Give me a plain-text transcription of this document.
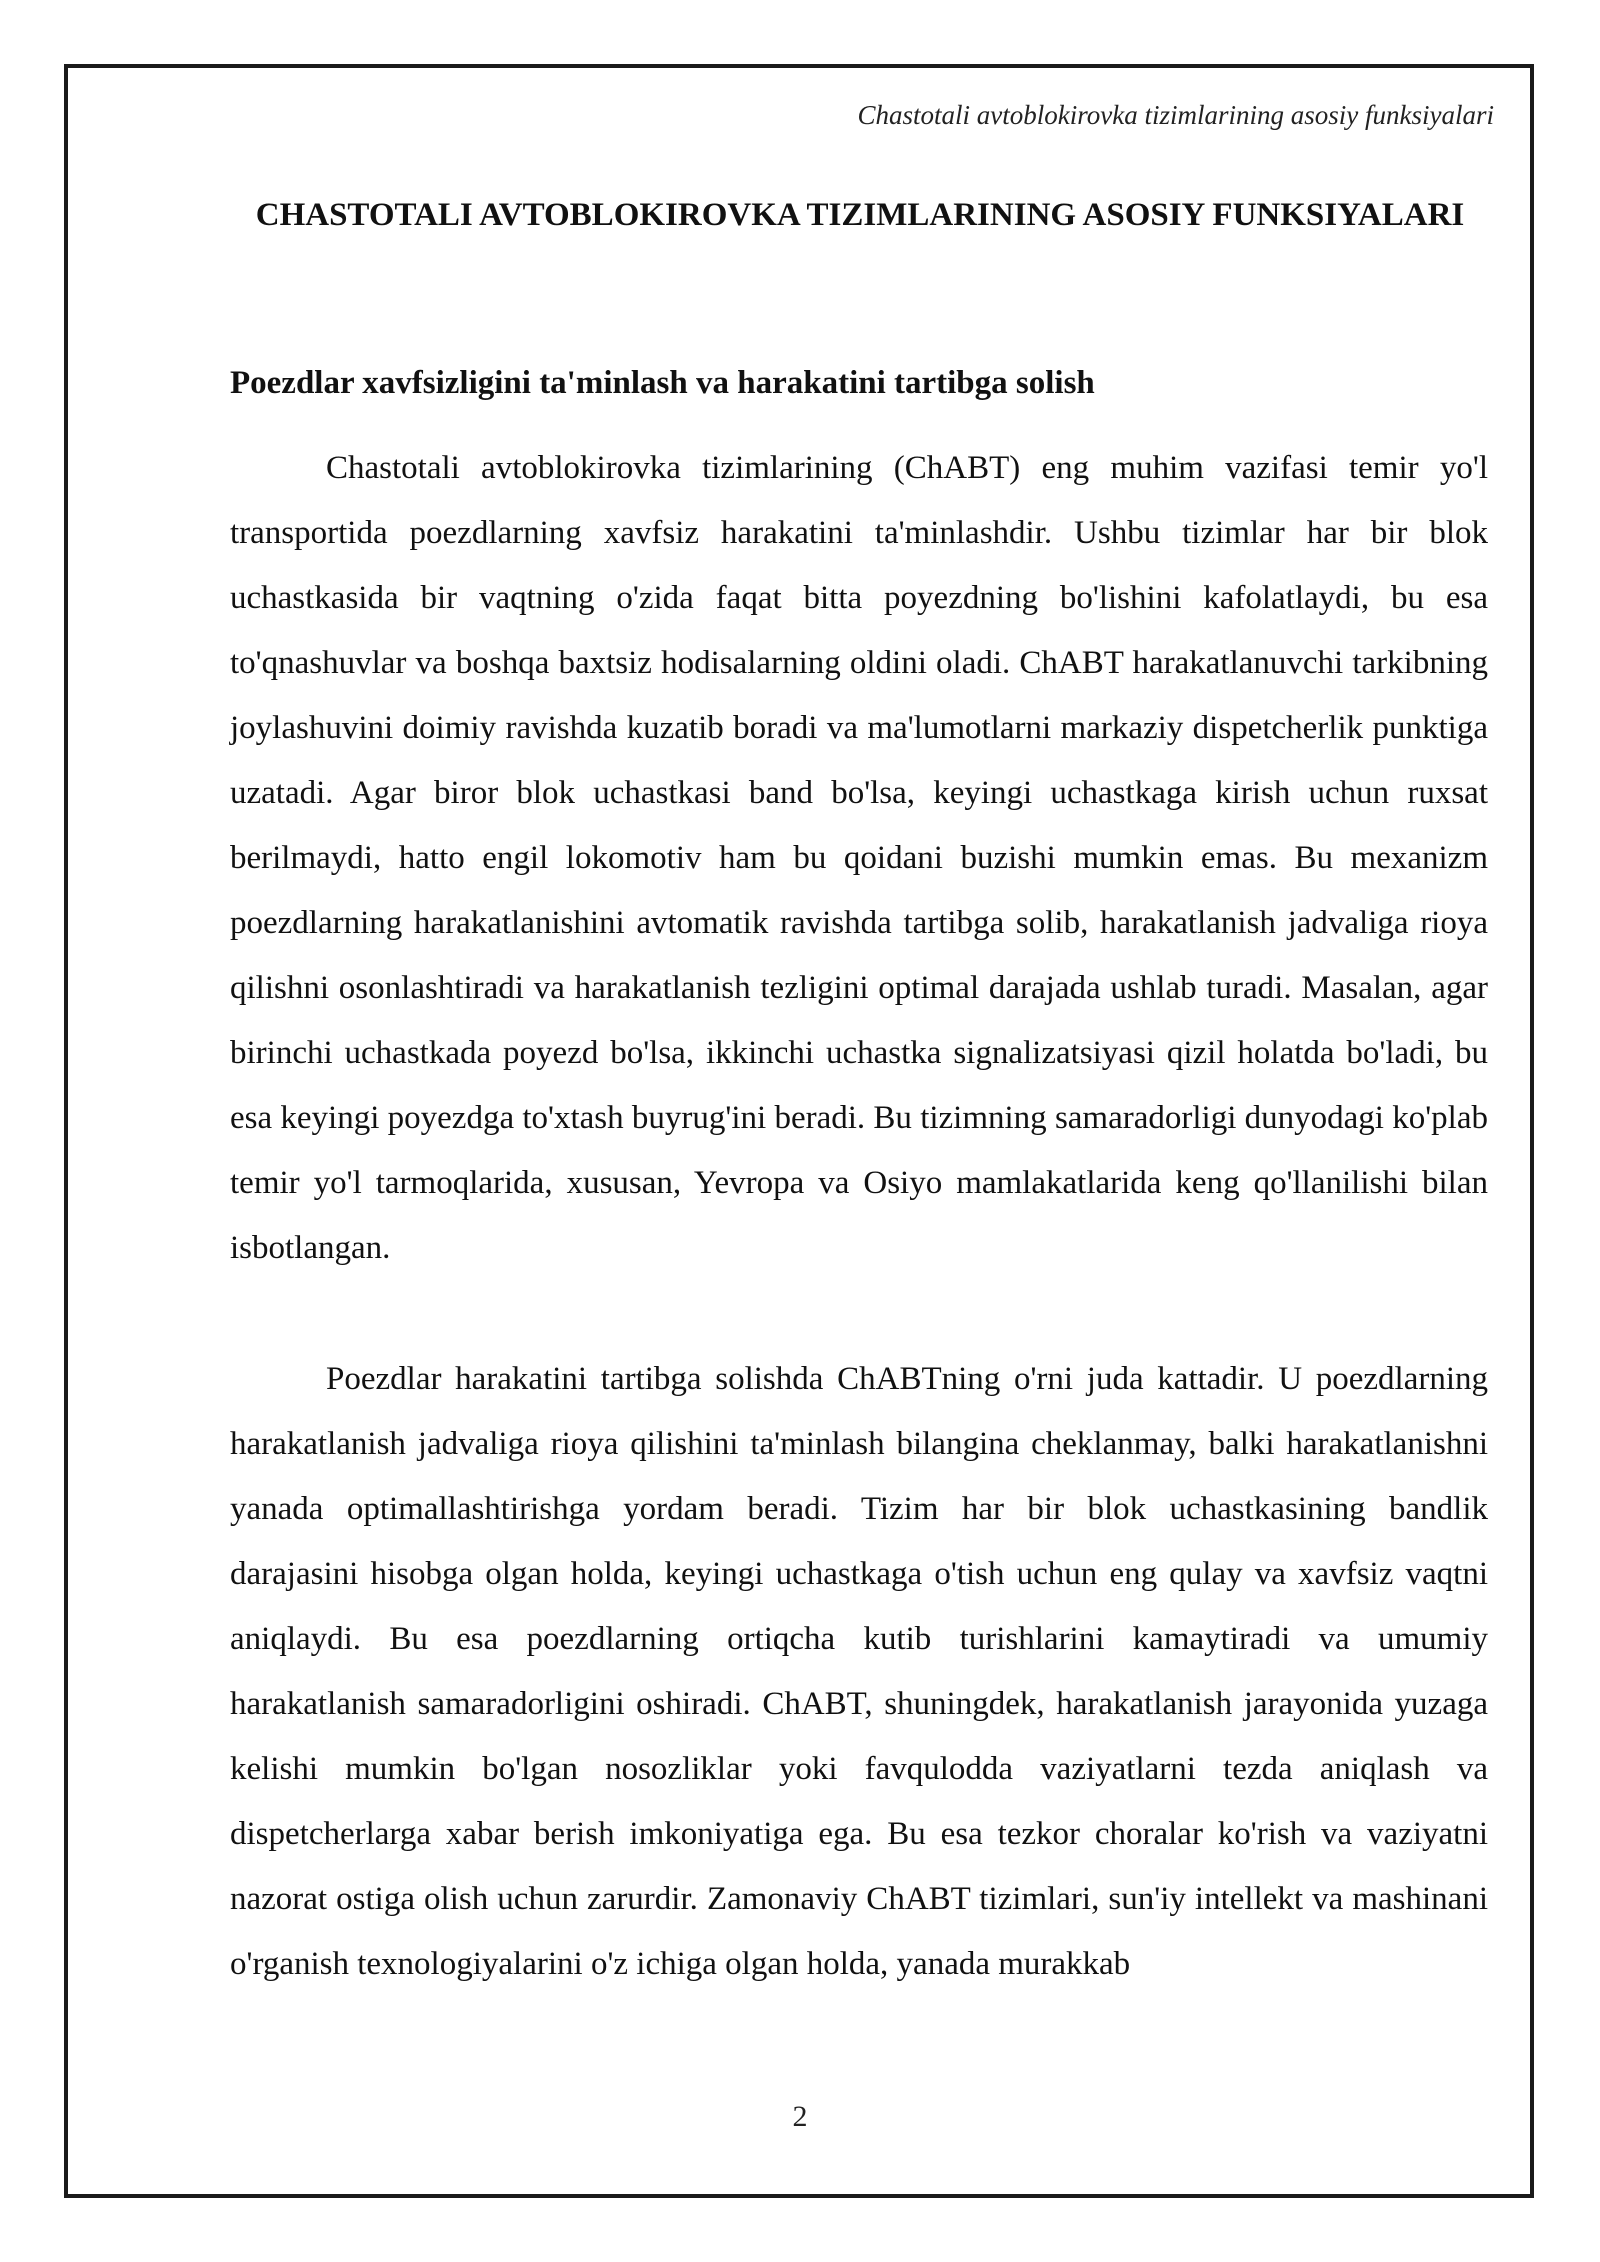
Chastotali avtoblokirovka tizimlarining asosiy funksiyalari
CHASTOTALI AVTOBLOKIROVKA TIZIMLARINING ASOSIY FUNKSIYALARI
Poezdlar xavfsizligini ta'minlash va harakatini tartibga solish

Chastotali avtoblokirovka tizimlarining (ChABT) eng muhim vazifasi temir yo'l transportida poezdlarning xavfsiz harakatini ta'minlashdir. Ushbu tizimlar har bir blok uchastkasida bir vaqtning o'zida faqat bitta poyezdning bo'lishini kafolatlaydi, bu esa to'qnashuvlar va boshqa baxtsiz hodisalarning oldini oladi. ChABT harakatlanuvchi tarkibning joylashuvini doimiy ravishda kuzatib boradi va ma'lumotlarni markaziy dispetcherlik punktiga uzatadi. Agar biror blok uchastkasi band bo'lsa, keyingi uchastkaga kirish uchun ruxsat berilmaydi, hatto engil lokomotiv ham bu qoidani buzishi mumkin emas. Bu mexanizm poezdlarning harakatlanishini avtomatik ravishda tartibga solib, harakatlanish jadvaliga rioya qilishni osonlashtiradi va harakatlanish tezligini optimal darajada ushlab turadi. Masalan, agar birinchi uchastkada poyezd bo'lsa, ikkinchi uchastka signalizatsiyasi qizil holatda bo'ladi, bu esa keyingi poyezdga to'xtash buyrug'ini beradi. Bu tizimning samaradorligi dunyodagi ko'plab temir yo'l tarmoqlarida, xususan, Yevropa va Osiyo mamlakatlarida keng qo'llanilishi bilan isbotlangan.

Poezdlar harakatini tartibga solishda ChABTning o'rni juda kattadir. U poezdlarning harakatlanish jadvaliga rioya qilishini ta'minlash bilangina cheklanmay, balki harakatlanishni yanada optimallashtirishga yordam beradi. Tizim har bir blok uchastkasining bandlik darajasini hisobga olgan holda, keyingi uchastkaga o'tish uchun eng qulay va xavfsiz vaqtni aniqlaydi. Bu esa poezdlarning ortiqcha kutib turishlarini kamaytiradi va umumiy harakatlanish samaradorligini oshiradi. ChABT, shuningdek, harakatlanish jarayonida yuzaga kelishi mumkin bo'lgan nosozliklar yoki favqulodda vaziyatlarni tezda aniqlash va dispetcherlarga xabar berish imkoniyatiga ega. Bu esa tezkor choralar ko'rish va vaziyatni nazorat ostiga olish uchun zarurdir. Zamonaviy ChABT tizimlari, sun'iy intellekt va mashinani o'rganish texnologiyalarini o'z ichiga olgan holda, yanada murakkab

2
